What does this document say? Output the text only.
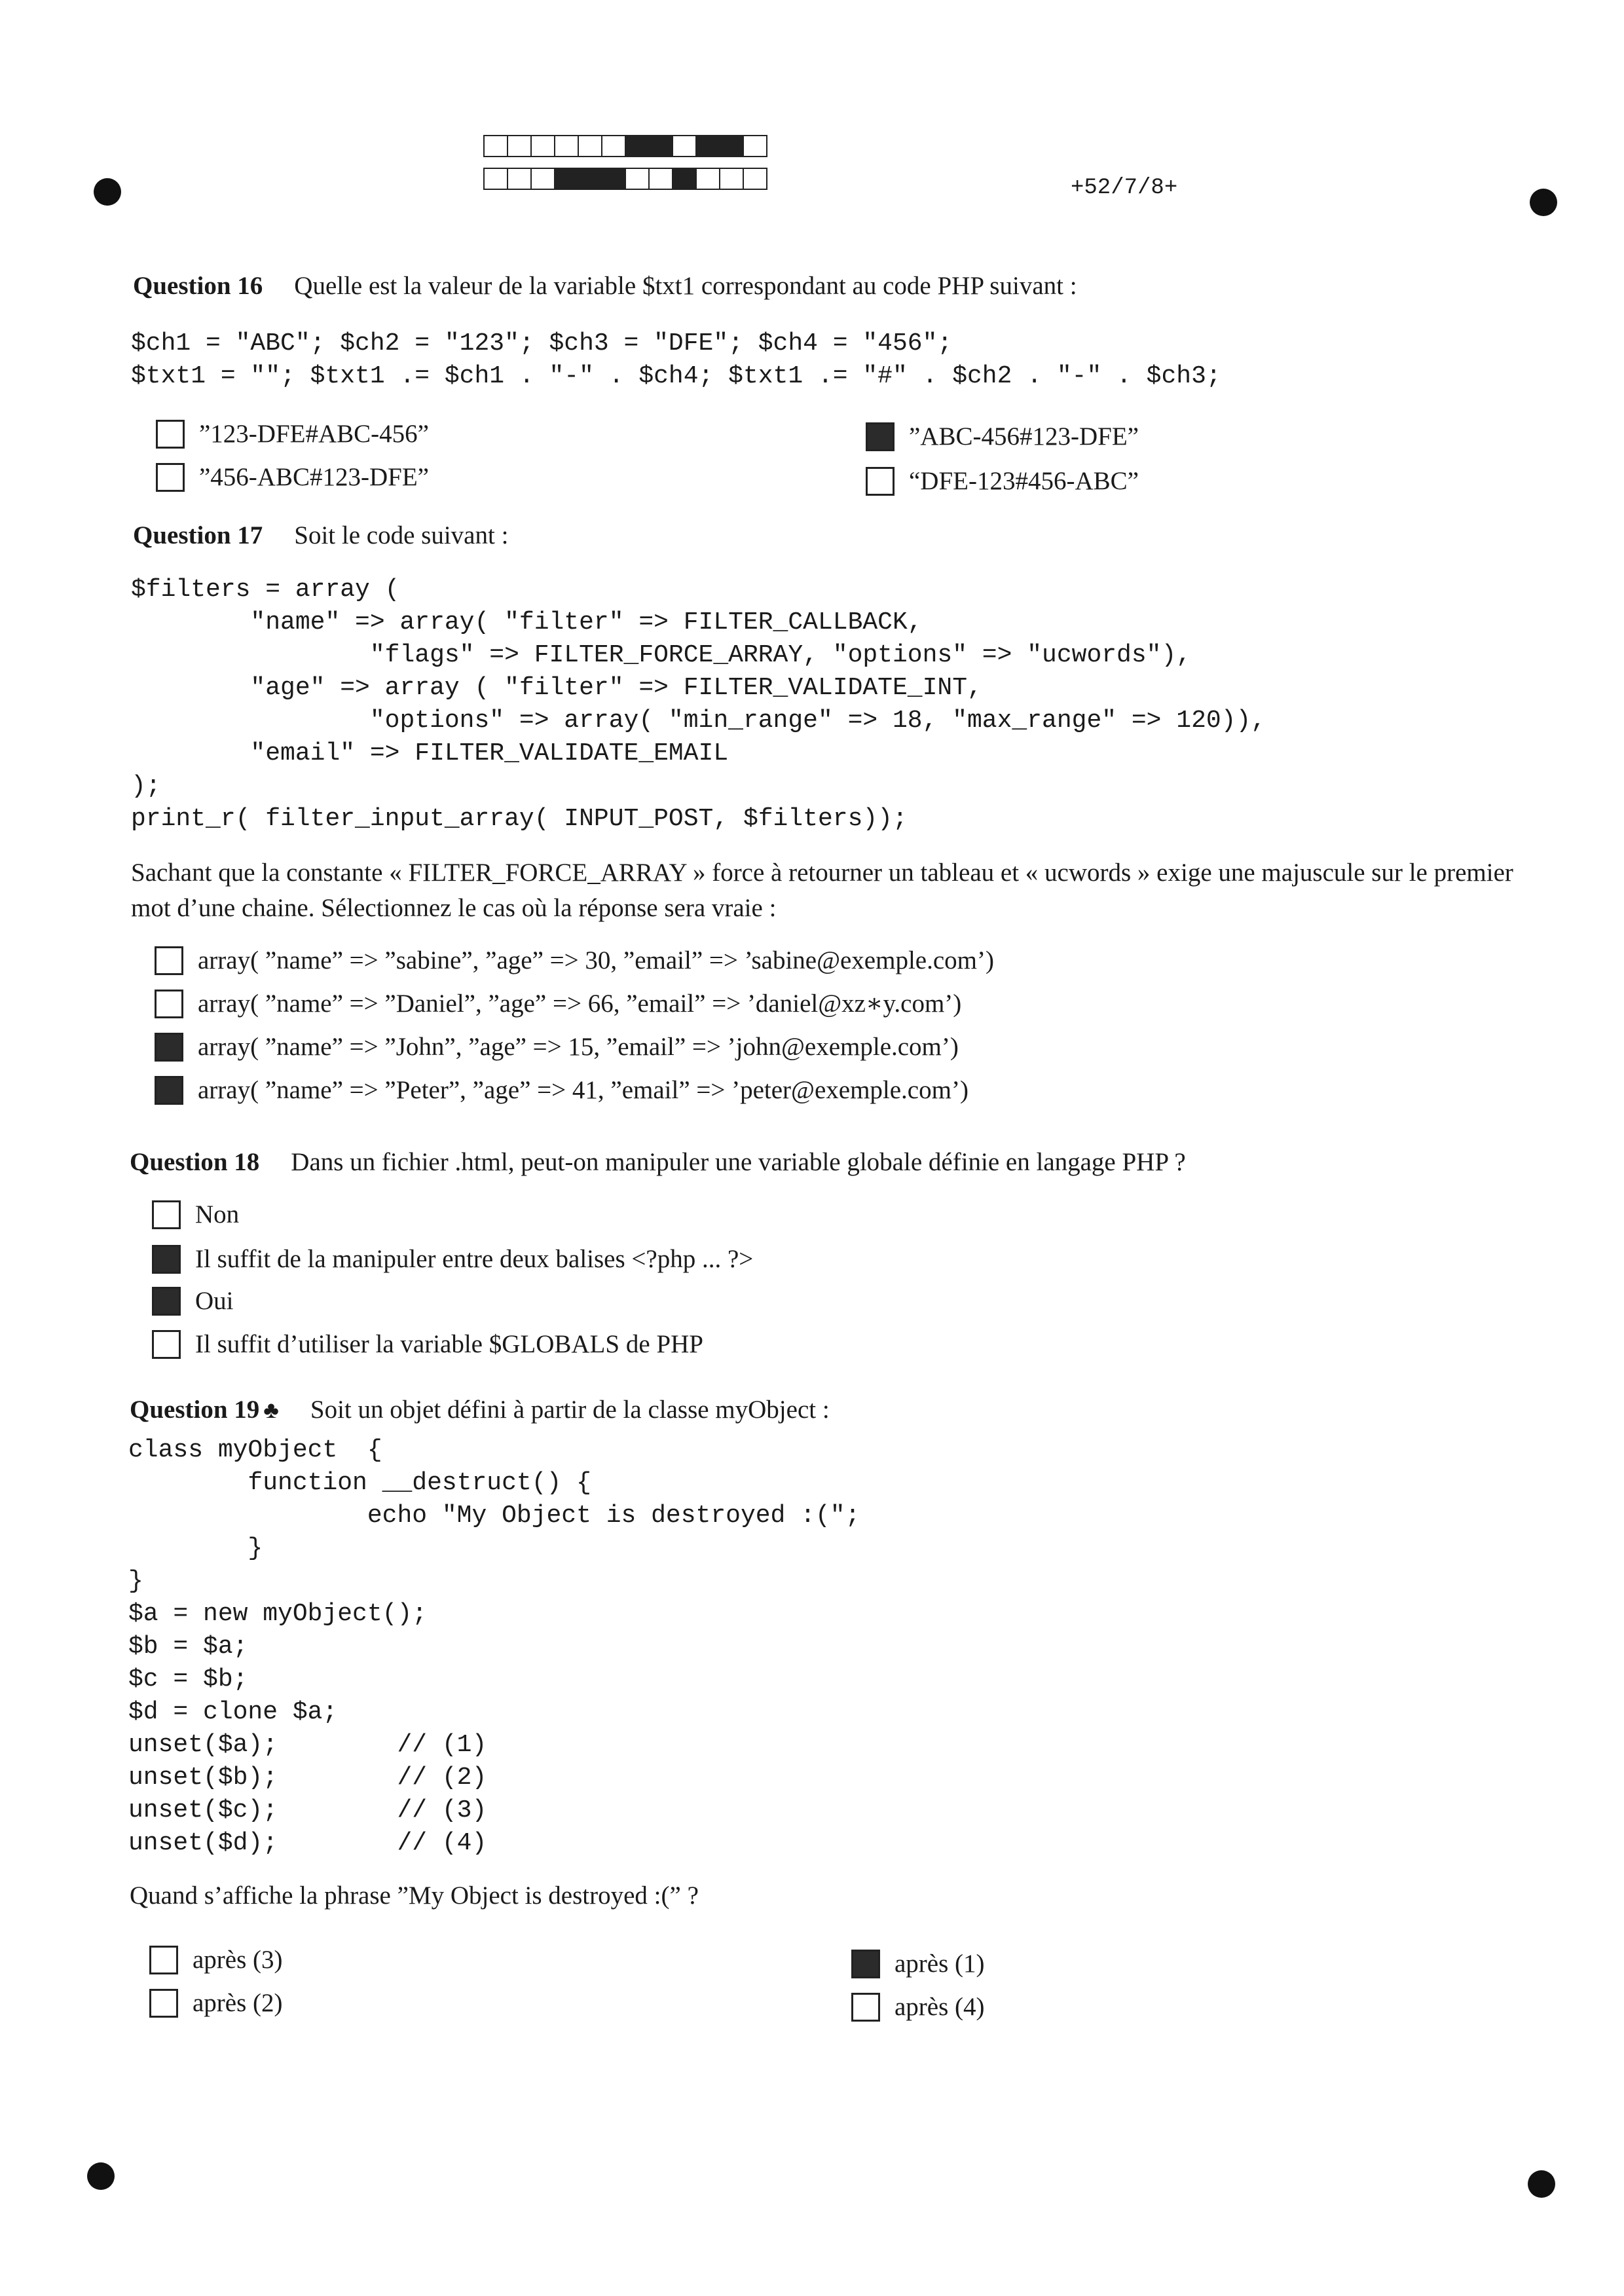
+52/7/8+
Question 16 Quelle est la valeur de la variable $txt1 correspondant au code PHP suivant :
$ch1 = "ABC"; $ch2 = "123"; $ch3 = "DFE"; $ch4 = "456";
$txt1 = ""; $txt1 .= $ch1 . "-" . $ch4; $txt1 .= "#" . $ch2 . "-" . $ch3;
”123-DFE#ABC-456”
”456-ABC#123-DFE”
”ABC-456#123-DFE”
“DFE-123#456-ABC”
Question 17 Soit le code suivant :
$filters = array (
"name" => array( "filter" => FILTER_CALLBACK,
"flags" => FILTER_FORCE_ARRAY, "options" => "ucwords"),
"age" => array ( "filter" => FILTER_VALIDATE_INT,
"options" => array( "min_range" => 18, "max_range" => 120)),
"email" => FILTER_VALIDATE_EMAIL
);
print_r( filter_input_array( INPUT_POST, $filters));
Sachant que la constante « FILTER_FORCE_ARRAY » force à retourner un tableau et « ucwords » exige une majuscule sur le premier mot d’une chaine. Sélectionnez le cas où la réponse sera vraie :
array( ”name” => ”sabine”, ”age” => 30, ”email” => ’sabine@exemple.com’)
array( ”name” => ”Daniel”, ”age” => 66, ”email” => ’daniel@xz∗y.com’)
array( ”name” => ”John”, ”age” => 15, ”email” => ’john@exemple.com’)
array( ”name” => ”Peter”, ”age” => 41, ”email” => ’peter@exemple.com’)
Question 18 Dans un fichier .html, peut-on manipuler une variable globale définie en langage PHP ?
Non
Il suffit de la manipuler entre deux balises <?php ... ?>
Oui
Il suffit d’utiliser la variable $GLOBALS de PHP
Question 19 ♣ Soit un objet défini à partir de la classe myObject :
class myObject  {
function __destruct() {
echo "My Object is destroyed :(";
}
}
$a = new myObject();
$b = $a;
$c = $b;
$d = clone $a;
unset($a);        // (1)
unset($b);        // (2)
unset($c);        // (3)
unset($d);        // (4)
Quand s’affiche la phrase ”My Object is destroyed :(” ?
après (3)
après (2)
après (1)
après (4)
